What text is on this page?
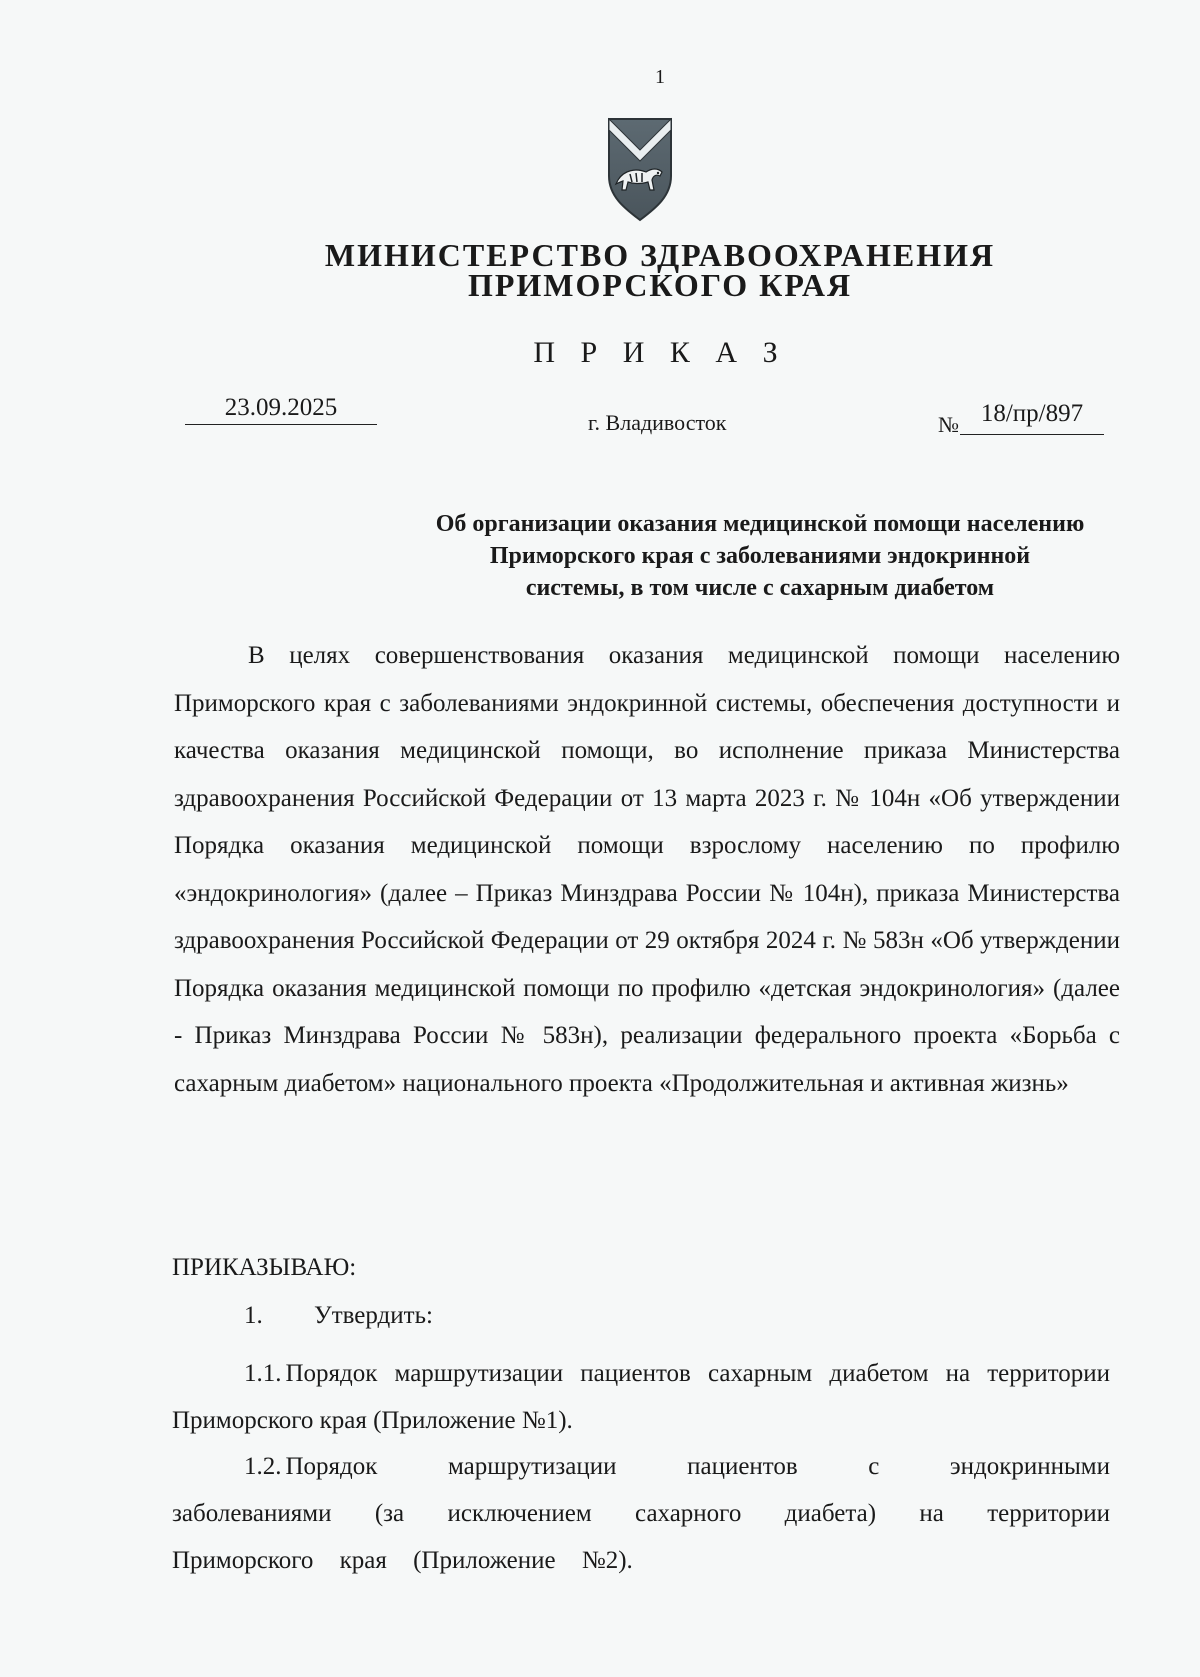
1
МИНИСТЕРСТВО ЗДРАВООХРАНЕНИЯ
ПРИМОРСКОГО КРАЯ
П Р И К А З
23.09.2025
г. Владивосток	№ 18/пр/897
Об организации оказания медицинской помощи населению
Приморского края с заболеваниями эндокринной
системы, в том числе с сахарным диабетом

В целях совершенствования оказания медицинской помощи населению Приморского края с заболеваниями эндокринной системы, обеспечения доступности и качества оказания медицинской помощи, во исполнение приказа Министерства здравоохранения Российской Федерации от 13 марта 2023 г. № 104н «Об утверждении Порядка оказания медицинской помощи взрослому населению по профилю «эндокринология» (далее – Приказ Минздрава России № 104н), приказа Министерства здравоохранения Российской Федерации от 29 октября 2024 г. № 583н «Об утверждении Порядка оказания медицинской помощи по профилю «детская эндокринология» (далее - Приказ Минздрава России № 583н), реализации федерального проекта «Борьба с сахарным диабетом» национального проекта «Продолжительная и активная жизнь»

ПРИКАЗЫВАЮ:
1. Утвердить:

1.1. Порядок маршрутизации пациентов сахарным диабетом на территории Приморского края (Приложение №1).

1.2. Порядок маршрутизации пациентов с эндокринными заболеваниями (за исключением сахарного диабета) на территории Приморского края (Приложение №2).
